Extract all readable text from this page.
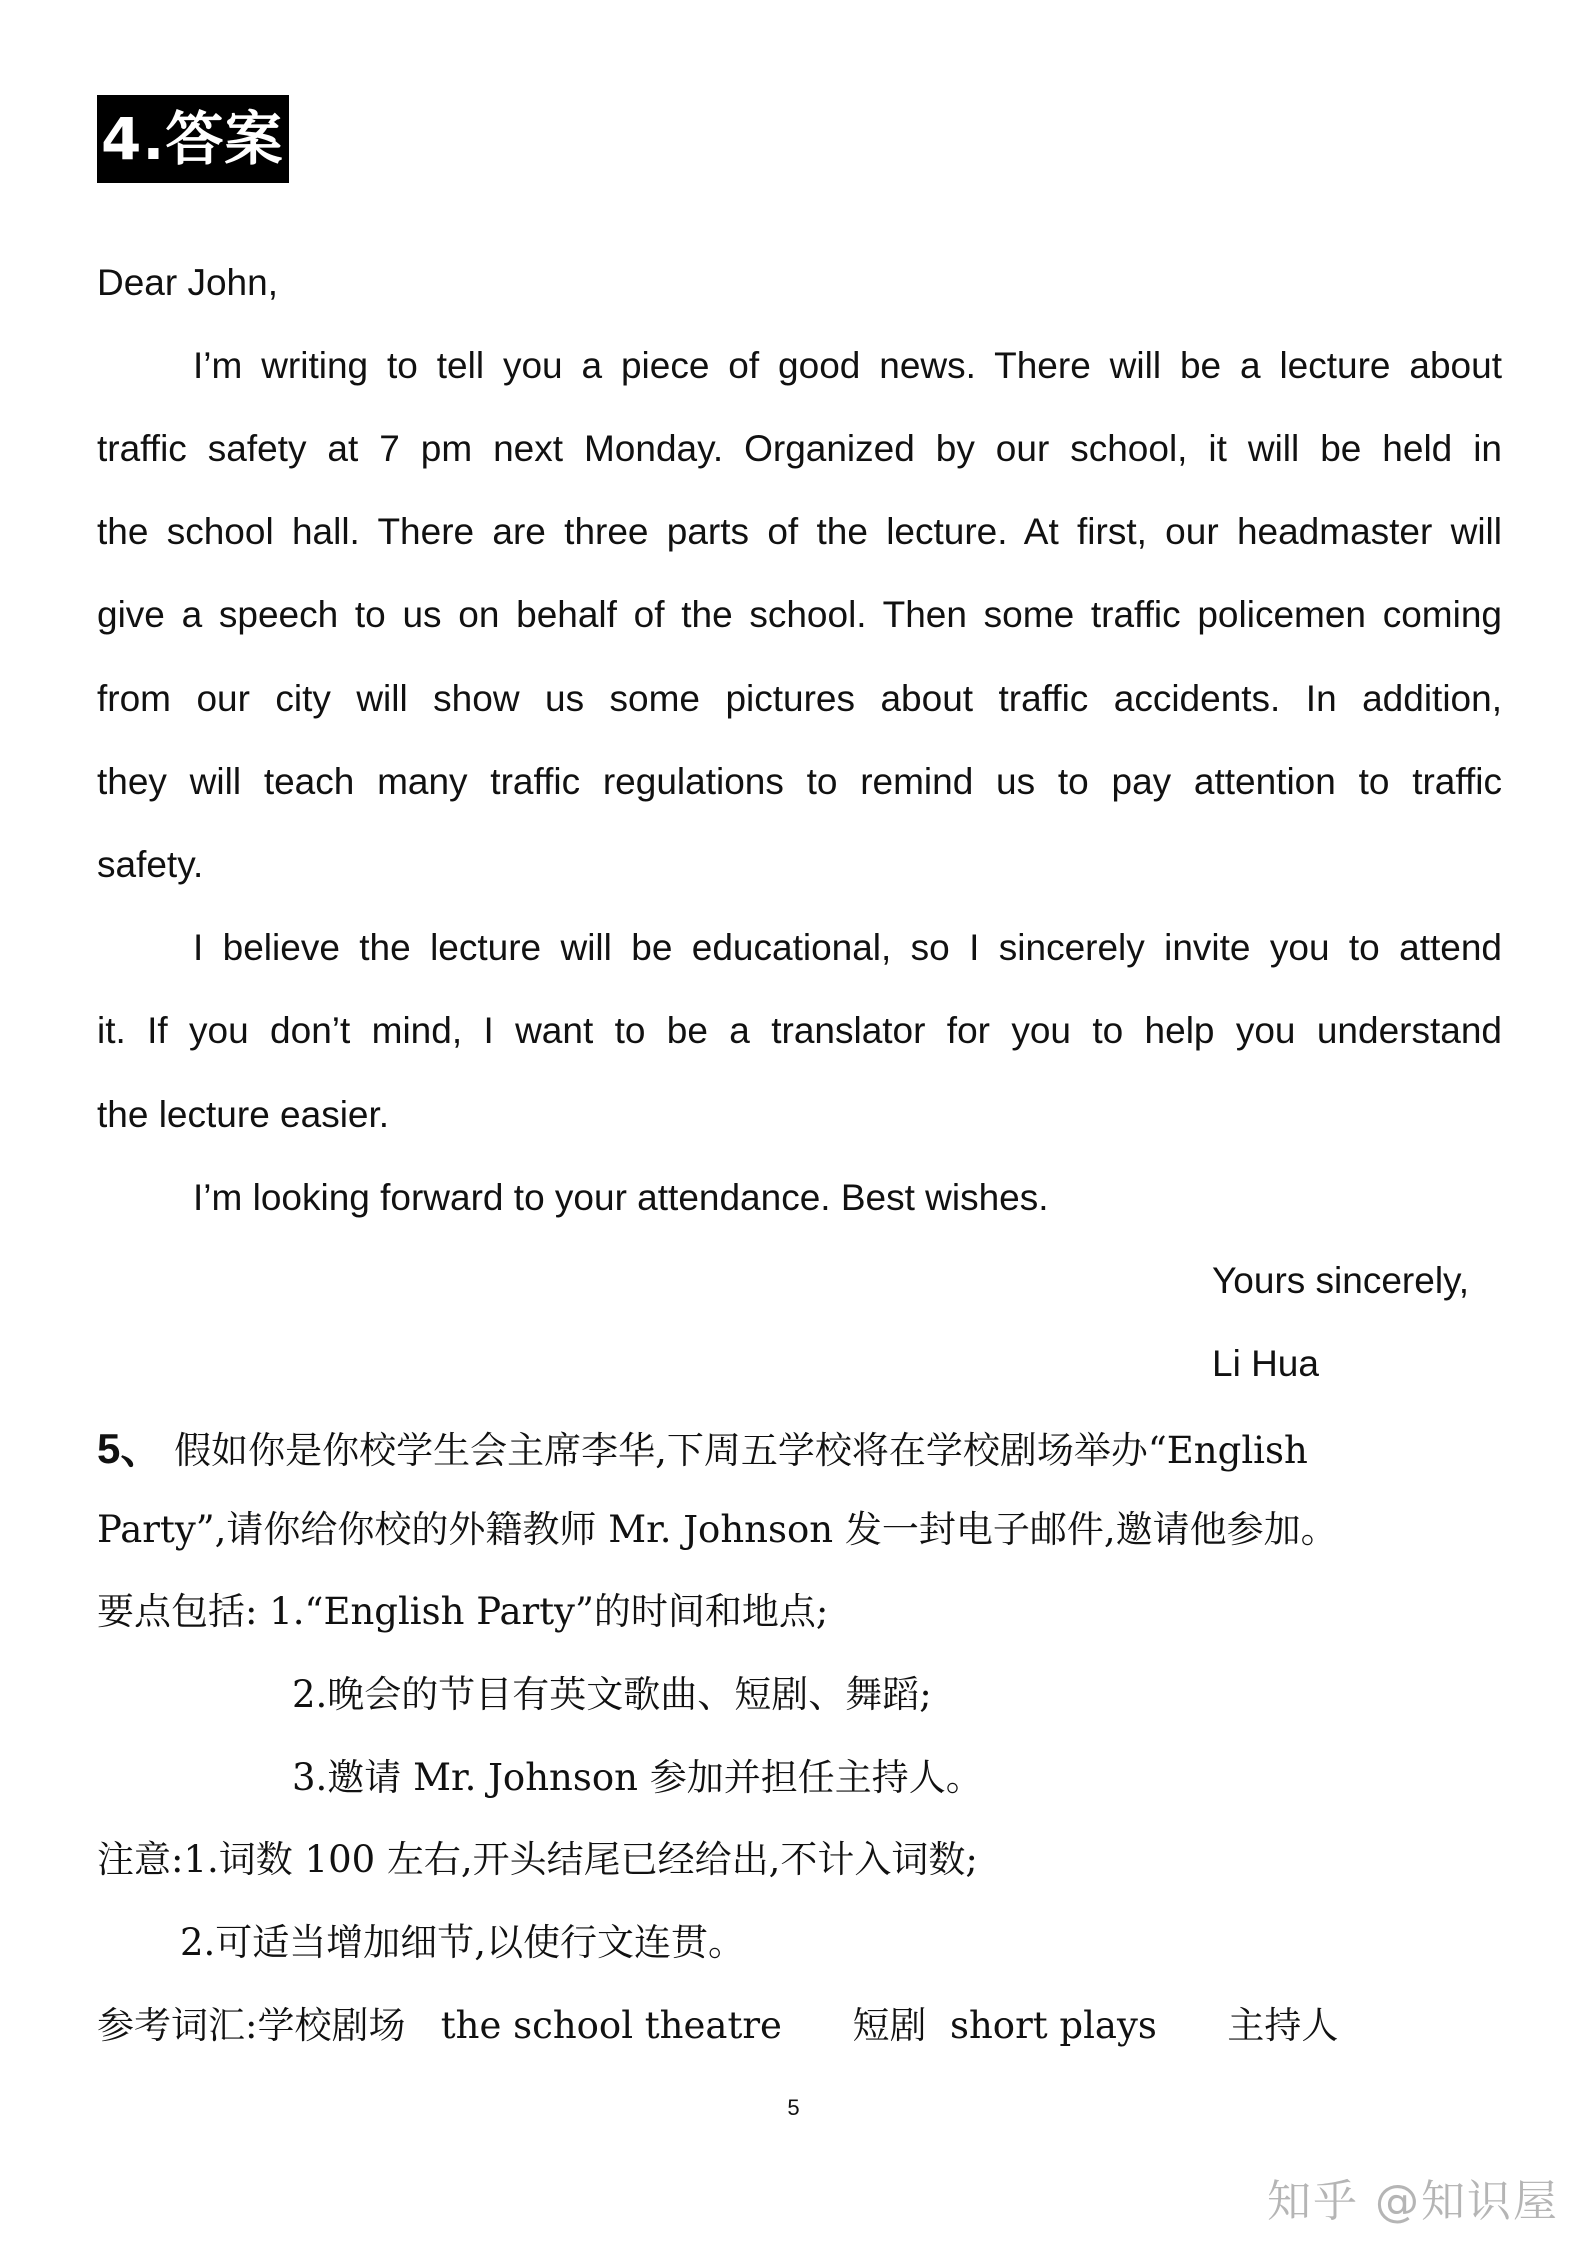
4.答案
Dear John,
I’m writing to tell you a piece of good news. There will be a lecture about
traffic safety at 7 pm next Monday. Organized by our school, it will be held in
the school hall. There are three parts of the lecture. At first, our headmaster will
give a speech to us on behalf of the school. Then some traffic policemen coming
from our city will show us some pictures about traffic accidents. In addition,
they will teach many traffic regulations to remind us to pay attention to traffic
safety.
I believe the lecture will be educational, so I sincerely invite you to attend
it. If you don’t mind, I want to be a translator for you to help you understand
the lecture easier.
I’m looking forward to your attendance. Best wishes.
Yours sincerely,
Li Hua
5、 假如你是你校学生会主席李华,下周五学校将在学校剧场举办“English
Party”,请你给你校的外籍教师 Mr. Johnson 发一封电子邮件,邀请他参加。
要点包括: 1.“English Party”的时间和地点;
2.晚会的节目有英文歌曲、短剧、舞蹈;
3.邀请 Mr. Johnson 参加并担任主持人。
注意:1.词数 100 左右,开头结尾已经给出,不计入词数;
2.可适当增加细节,以使行文连贯。
参考词汇:学校剧场   the school theatre      短剧  short plays      主持人
5
知乎 @知识屋
